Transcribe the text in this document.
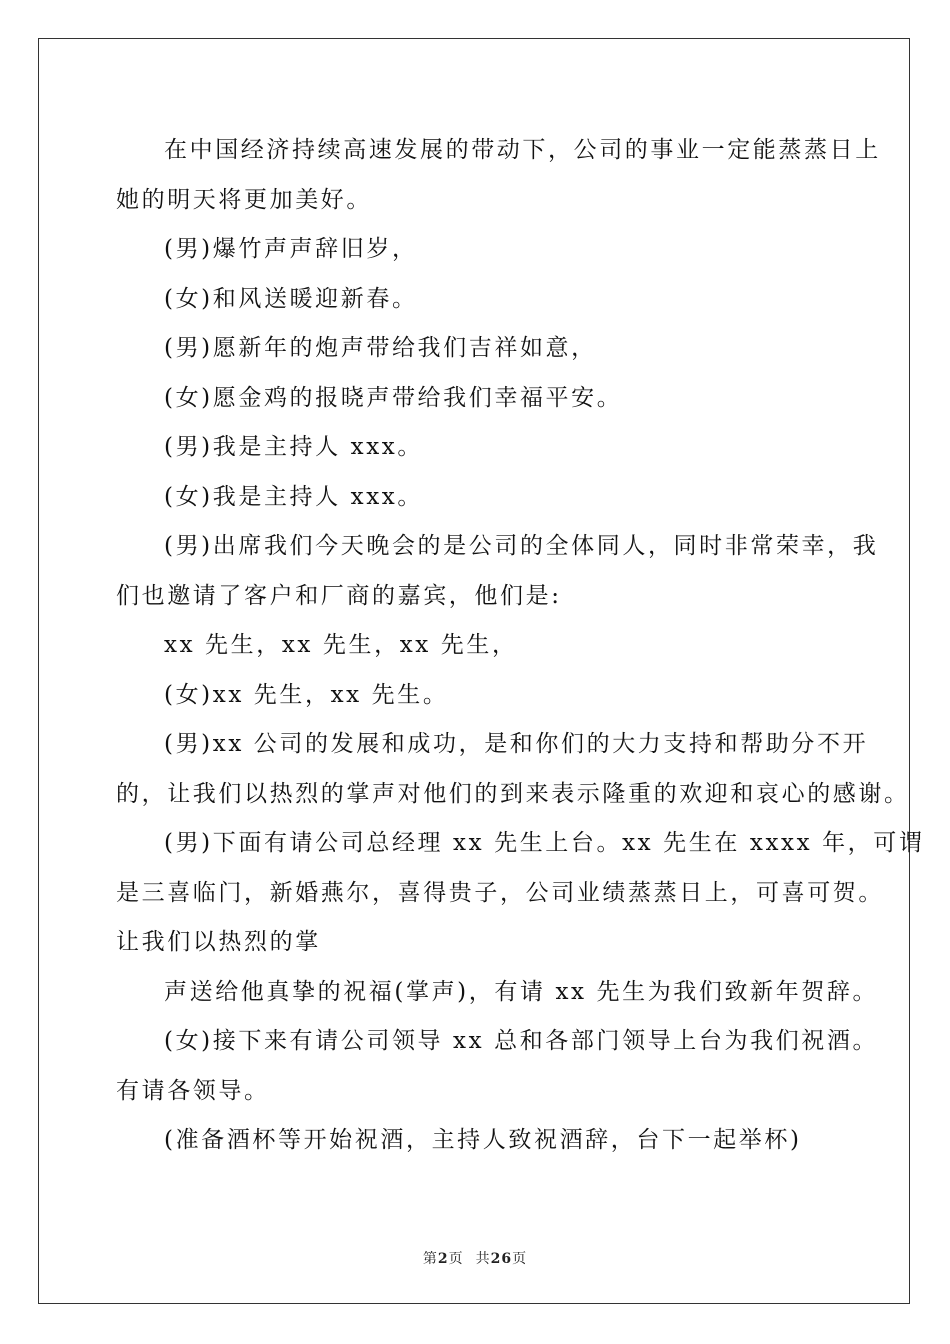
在中国经济持续高速发展的带动下，公司的事业一定能蒸蒸日上
她的明天将更加美好。
(男)爆竹声声辞旧岁，
(女)和风送暖迎新春。
(男)愿新年的炮声带给我们吉祥如意，
(女)愿金鸡的报晓声带给我们幸福平安。
(男)我是主持人 xxx。
(女)我是主持人 xxx。
(男)出席我们今天晚会的是公司的全体同人，同时非常荣幸，我
们也邀请了客户和厂商的嘉宾，他们是:
xx 先生，xx 先生，xx 先生，
(女)xx 先生，xx 先生。
(男)xx 公司的发展和成功，是和你们的大力支持和帮助分不开
的，让我们以热烈的掌声对他们的到来表示隆重的欢迎和哀心的感谢。
(男)下面有请公司总经理 xx 先生上台。xx 先生在 xxxx 年，可谓
是三喜临门，新婚燕尔，喜得贵子，公司业绩蒸蒸日上，可喜可贺。
让我们以热烈的掌
声送给他真挚的祝福(掌声)，有请 xx 先生为我们致新年贺辞。
(女)接下来有请公司领导 xx 总和各部门领导上台为我们祝酒。
有请各领导。
(准备酒杯等开始祝酒，主持人致祝酒辞，台下一起举杯)
第2页 共26页
